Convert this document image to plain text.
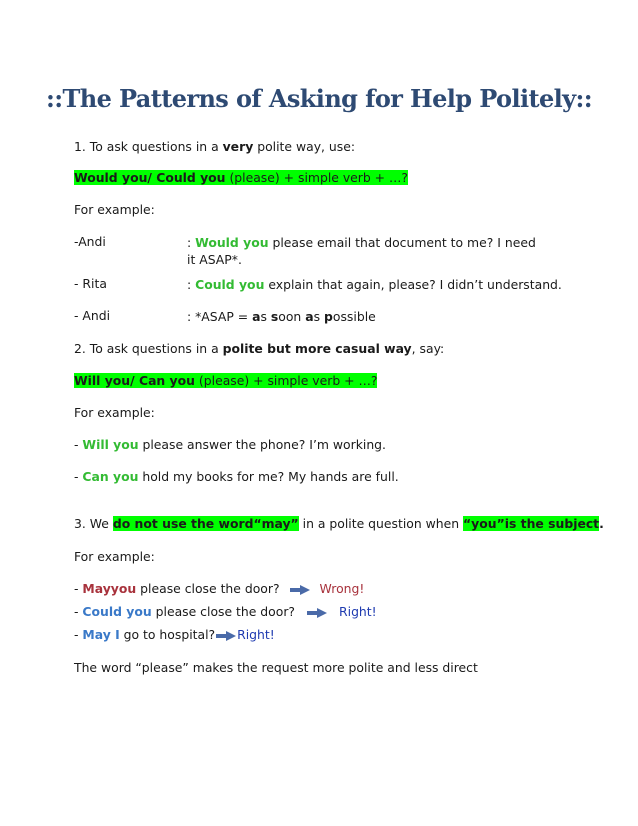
::The Patterns of Asking for Help Politely::
1. To ask questions in a very polite way, use:
Would you/ Could you (please) + simple verb + …?
For example:
-Andi	: Would you please email that document to me? I need it ASAP*.
- Rita	: Could you explain that again, please? I didn’t understand.
- Andi	: *ASAP = as soon as possible
2. To ask questions in a polite but more casual way, say:
Will you/ Can you (please) + simple verb + …?
For example:
- Will you please answer the phone? I’m working.
- Can you hold my books for me? My hands are full.
3. We do not use the word“may” in a polite question when “you”is the subject.
For example:
- Mayyou please close the door?	Wrong!
- Could you please close the door?	Right!
- May I go to hospital? Right!
The word “please” makes the request more polite and less direct
